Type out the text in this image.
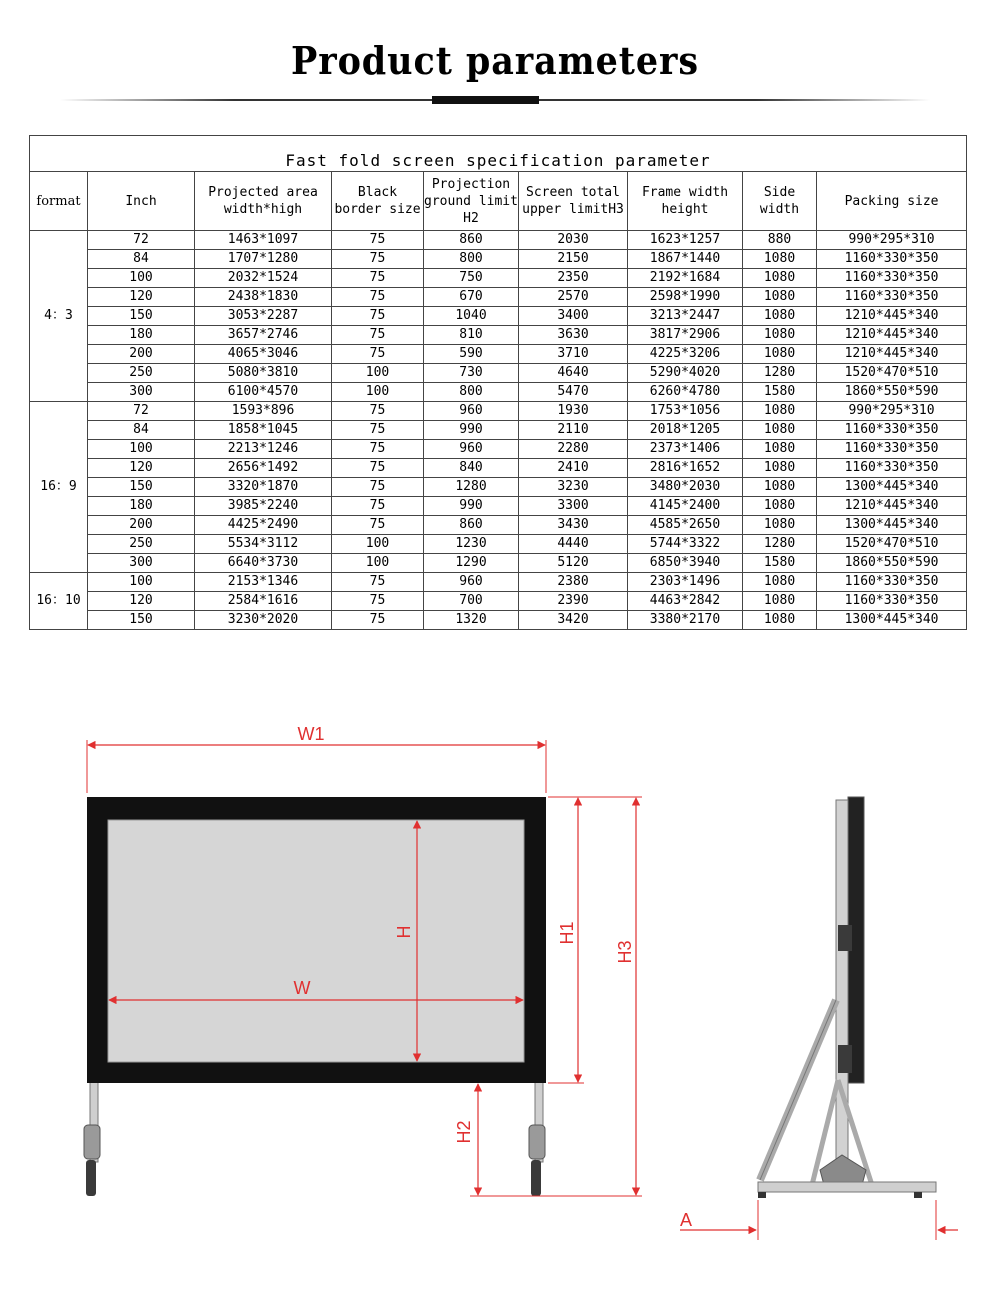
Product parameters
Fast fold screen specification parameter								
format	Inch	Projected area width*high	Black border size	Projection ground limit H2	Screen total upper limitH3	Frame width height	Side width	Packing size
4：3	72	1463*1097	75	860	2030	1623*1257	880	990*295*310
	84	1707*1280	75	800	2150	1867*1440	1080	1160*330*350
	100	2032*1524	75	750	2350	2192*1684	1080	1160*330*350
	120	2438*1830	75	670	2570	2598*1990	1080	1160*330*350
	150	3053*2287	75	1040	3400	3213*2447	1080	1210*445*340
	180	3657*2746	75	810	3630	3817*2906	1080	1210*445*340
	200	4065*3046	75	590	3710	4225*3206	1080	1210*445*340
	250	5080*3810	100	730	4640	5290*4020	1280	1520*470*510
	300	6100*4570	100	800	5470	6260*4780	1580	1860*550*590
16：9	72	1593*896	75	960	1930	1753*1056	1080	990*295*310
	84	1858*1045	75	990	2110	2018*1205	1080	1160*330*350
	100	2213*1246	75	960	2280	2373*1406	1080	1160*330*350
	120	2656*1492	75	840	2410	2816*1652	1080	1160*330*350
	150	3320*1870	75	1280	3230	3480*2030	1080	1300*445*340
	180	3985*2240	75	990	3300	4145*2400	1080	1210*445*340
	200	4425*2490	75	860	3430	4585*2650	1080	1300*445*340
	250	5534*3112	100	1230	4440	5744*3322	1280	1520*470*510
	300	6640*3730	100	1290	5120	6850*3940	1580	1860*550*590
16：10	100	2153*1346	75	960	2380	2303*1496	1080	1160*330*350
	120	2584*1616	75	700	2390	4463*2842	1080	1160*330*350
	150	3230*2020	75	1320	3420	3380*2170	1080	1300*445*340
W1
W
H	H1
H3
H2
A
